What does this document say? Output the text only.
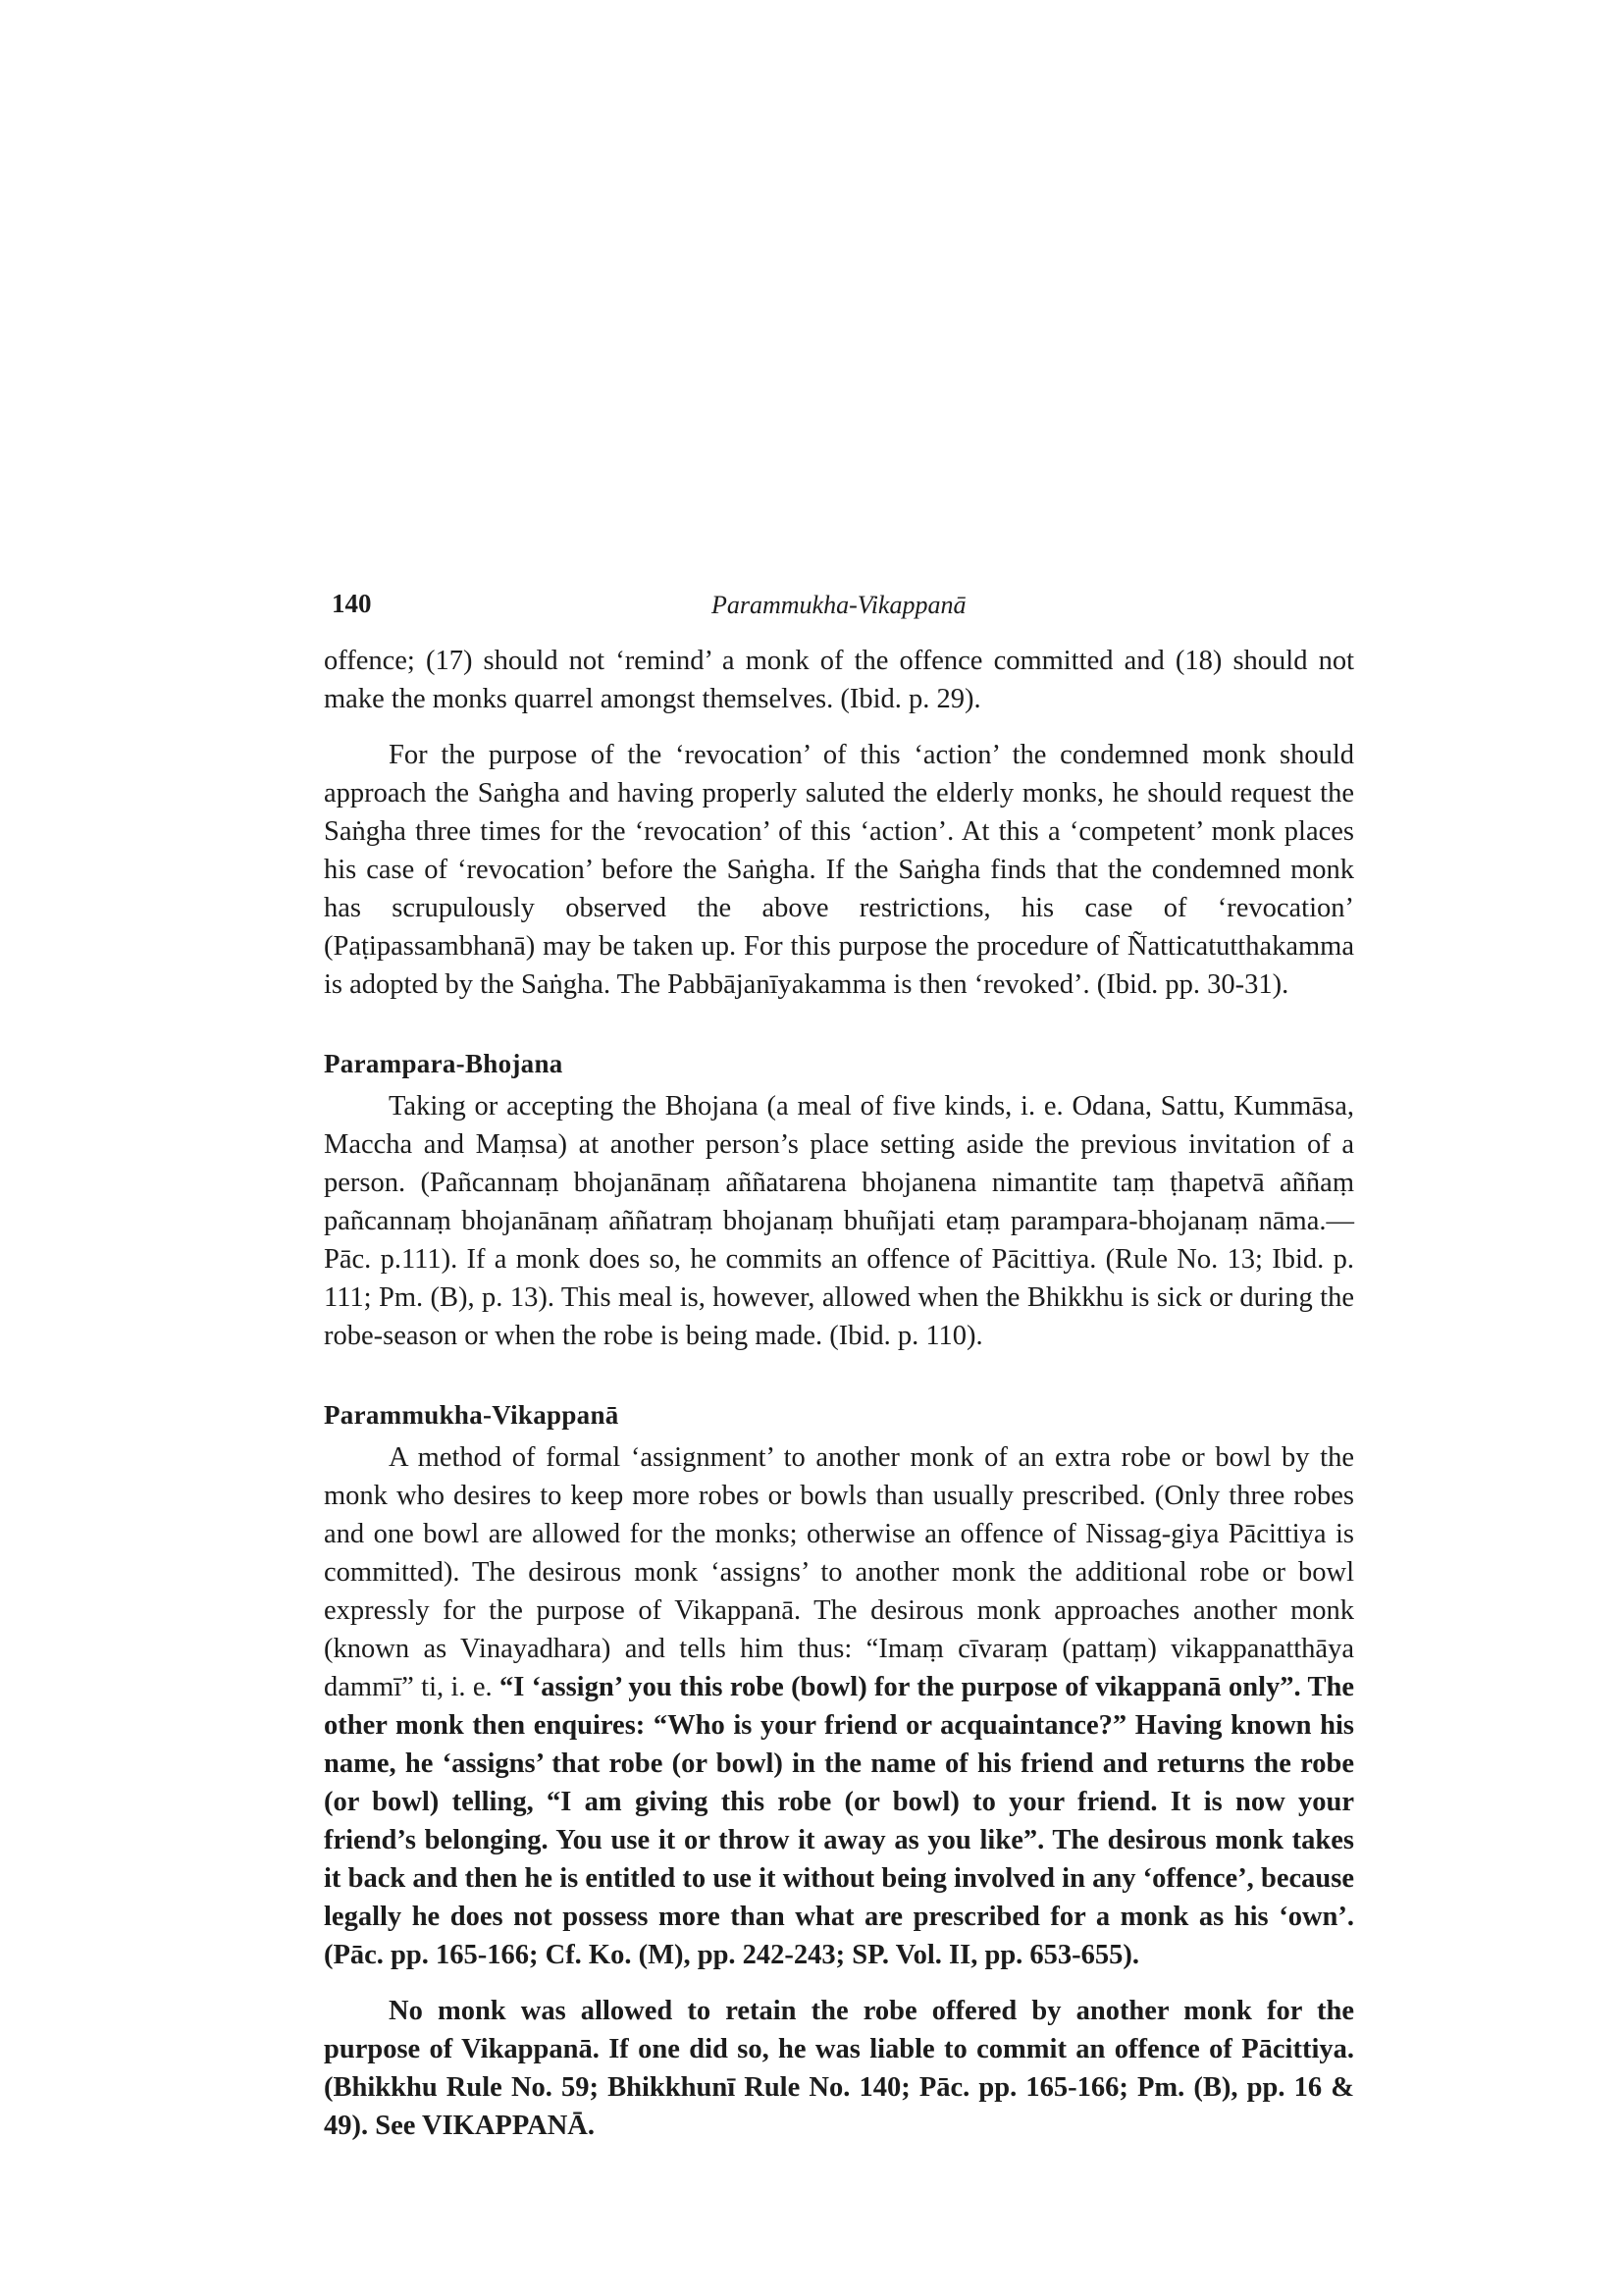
140	Parammukha-Vikappanā

offence; (17) should not ‘remind’ a monk of the offence committed and (18) should not make the monks quarrel amongst themselves. (Ibid. p. 29).

For the purpose of the ‘revocation’ of this ‘action’ the condemned monk should approach the Saṅgha and having properly saluted the elderly monks, he should request the Saṅgha three times for the ‘revocation’ of this ‘action’. At this a ‘competent’ monk places his case of ‘revocation’ before the Saṅgha. If the Saṅgha finds that the condemned monk has scrupulously observed the above restrictions, his case of ‘revocation’ (Paṭipassambhanā) may be taken up. For this purpose the procedure of Ñatticatutthakamma is adopted by the Saṅgha. The Pabbājanīyakamma is then ‘revoked’. (Ibid. pp. 30-31).

Parampara-Bhojana

Taking or accepting the Bhojana (a meal of five kinds, i. e. Odana, Sattu, Kummāsa, Maccha and Maṃsa) at another person’s place setting aside the previous invitation of a person. (Pañcannaṃ bhojanānaṃ aññatarena bhojanena nimantite taṃ ṭhapetvā aññaṃ pañcannaṃ bhojanānaṃ aññatraṃ bhojanaṃ bhuñjati etaṃ parampara-bhojanaṃ nāma.—Pāc. p.111). If a monk does so, he commits an offence of Pācittiya. (Rule No. 13; Ibid. p. 111; Pm. (B), p. 13). This meal is, however, allowed when the Bhikkhu is sick or during the robe-season or when the robe is being made. (Ibid. p. 110).

Parammukha-Vikappanā

A method of formal ‘assignment’ to another monk of an extra robe or bowl by the monk who desires to keep more robes or bowls than usually prescribed. (Only three robes and one bowl are allowed for the monks; otherwise an offence of Nissag-giya Pācittiya is committed). The desirous monk ‘assigns’ to another monk the additional robe or bowl expressly for the purpose of Vikappanā. The desirous monk approaches another monk (known as Vinayadhara) and tells him thus: “Imaṃ cīvaraṃ (pattaṃ) vikappanatthāya dammī” ti, i. e. “I ‘assign’ you this robe (bowl) for the purpose of vikappanā only”. The other monk then enquires: “Who is your friend or acquaintance?” Having known his name, he ‘assigns’ that robe (or bowl) in the name of his friend and returns the robe (or bowl) telling, “I am giving this robe (or bowl) to your friend. It is now your friend’s belonging. You use it or throw it away as you like”. The desirous monk takes it back and then he is entitled to use it without being involved in any ‘offence’, because legally he does not possess more than what are prescribed for a monk as his ‘own’. (Pāc. pp. 165-166; Cf. Ko. (M), pp. 242-243; SP. Vol. II, pp. 653-655).

No monk was allowed to retain the robe offered by another monk for the purpose of Vikappanā. If one did so, he was liable to commit an offence of Pācittiya. (Bhikkhu Rule No. 59; Bhikkhunī Rule No. 140; Pāc. pp. 165-166; Pm. (B), pp. 16 & 49). See VIKAPPANĀ.
